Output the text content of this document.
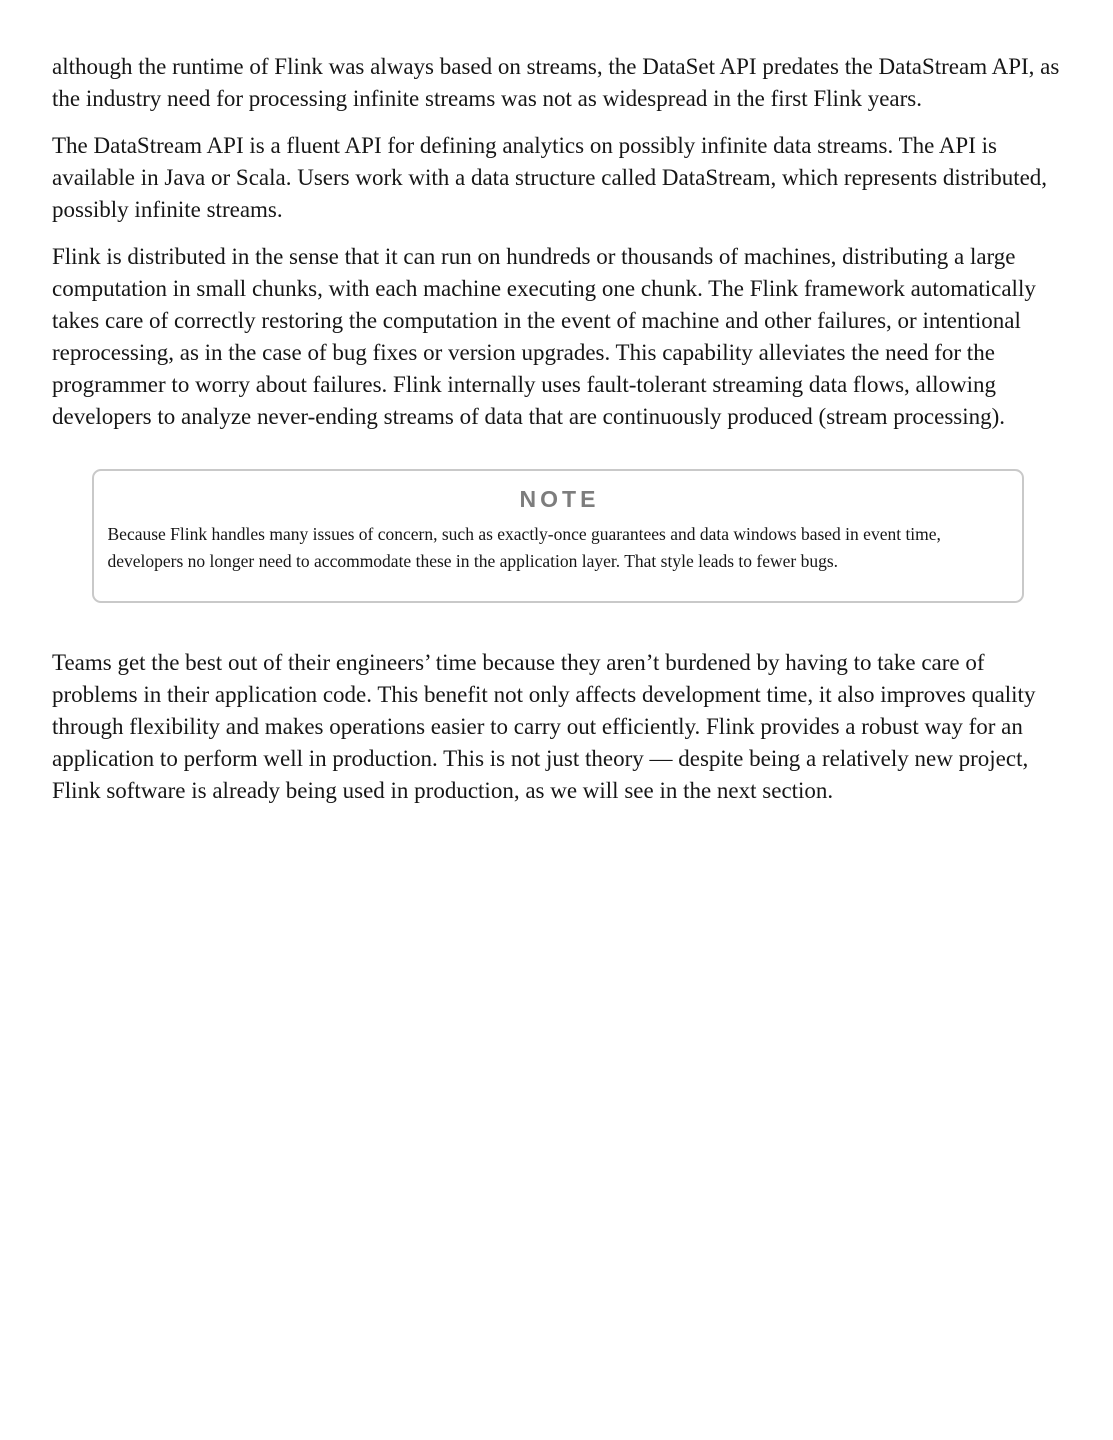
although the runtime of Flink was always based on streams, the DataSet API predates the DataStream API, as the industry need for processing infinite streams was not as widespread in the first Flink years.

The DataStream API is a fluent API for defining analytics on possibly infinite data streams. The API is available in Java or Scala. Users work with a data structure called DataStream, which represents distributed, possibly infinite streams.

Flink is distributed in the sense that it can run on hundreds or thousands of machines, distributing a large computation in small chunks, with each machine executing one chunk. The Flink framework automatically takes care of correctly restoring the computation in the event of machine and other failures, or intentional reprocessing, as in the case of bug fixes or version upgrades. This capability alleviates the need for the programmer to worry about failures. Flink internally uses fault-tolerant streaming data flows, allowing developers to analyze never-ending streams of data that are continuously produced (stream processing).

NOTE

Because Flink handles many issues of concern, such as exactly-once guarantees and data windows based in event time, developers no longer need to accommodate these in the application layer. That style leads to fewer bugs.

Teams get the best out of their engineers’ time because they aren’t burdened by having to take care of problems in their application code. This benefit not only affects development time, it also improves quality through flexibility and makes operations easier to carry out efficiently. Flink provides a robust way for an application to perform well in production. This is not just theory — despite being a relatively new project, Flink software is already being used in production, as we will see in the next section.
